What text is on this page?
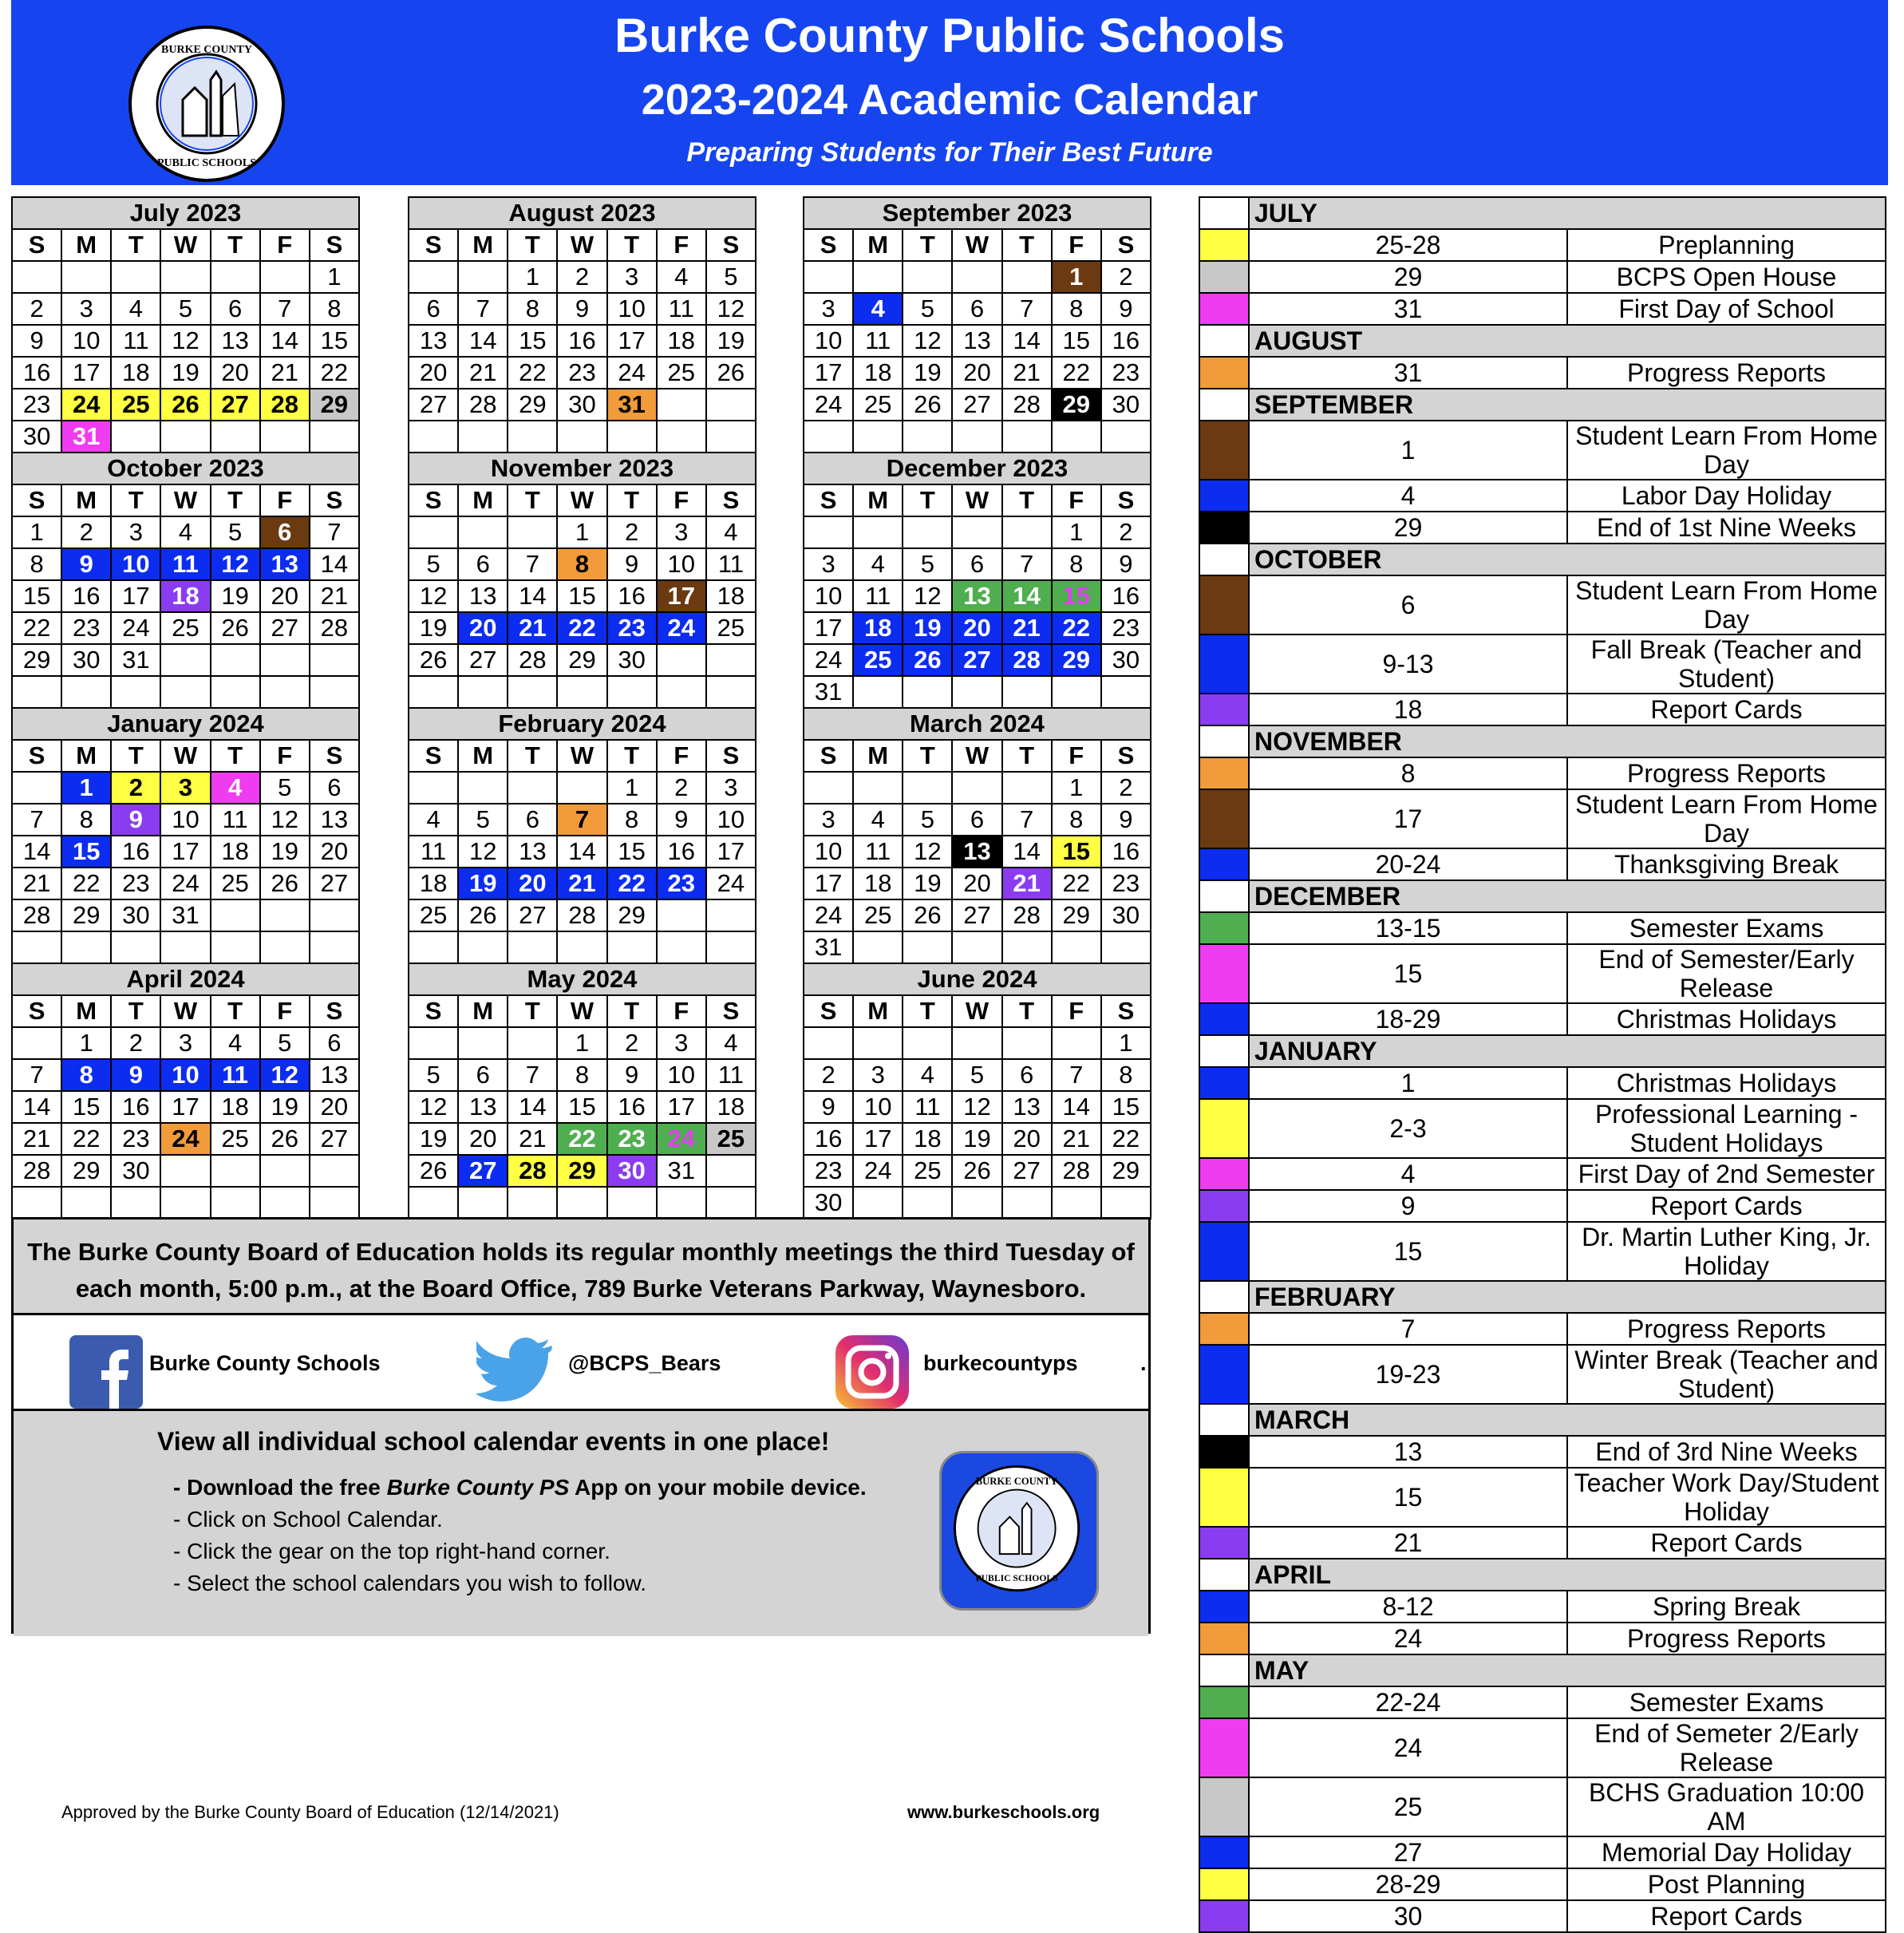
BURKE COUNTY
PUBLIC SCHOOLS
Burke County Public Schools
2023-2024 Academic Calendar
Preparing Students for Their Best Future
July 2023						
S	M	T	W	T	F	S
						1
2	3	4	5	6	7	8
9	10	11	12	13	14	15
16	17	18	19	20	21	22
23	24	25	26	27	28	29
30	31					
August 2023						
S	M	T	W	T	F	S
		1	2	3	4	5
6	7	8	9	10	11	12
13	14	15	16	17	18	19
20	21	22	23	24	25	26
27	28	29	30	31		

September 2023						
S	M	T	W	T	F	S
					1	2
3	4	5	6	7	8	9
10	11	12	13	14	15	16
17	18	19	20	21	22	23
24	25	26	27	28	29	30

October 2023						
S	M	T	W	T	F	S
1	2	3	4	5	6	7
8	9	10	11	12	13	14
15	16	17	18	19	20	21
22	23	24	25	26	27	28
29	30	31				

November 2023						
S	M	T	W	T	F	S
			1	2	3	4
5	6	7	8	9	10	11
12	13	14	15	16	17	18
19	20	21	22	23	24	25
26	27	28	29	30		

December 2023						
S	M	T	W	T	F	S
					1	2
3	4	5	6	7	8	9
10	11	12	13	14	15	16
17	18	19	20	21	22	23
24	25	26	27	28	29	30
31						
January 2024						
S	M	T	W	T	F	S
	1	2	3	4	5	6
7	8	9	10	11	12	13
14	15	16	17	18	19	20
21	22	23	24	25	26	27
28	29	30	31			

February 2024						
S	M	T	W	T	F	S
				1	2	3
4	5	6	7	8	9	10
11	12	13	14	15	16	17
18	19	20	21	22	23	24
25	26	27	28	29		

March 2024						
S	M	T	W	T	F	S
					1	2
3	4	5	6	7	8	9
10	11	12	13	14	15	16
17	18	19	20	21	22	23
24	25	26	27	28	29	30
31						
April 2024						
S	M	T	W	T	F	S
	1	2	3	4	5	6
7	8	9	10	11	12	13
14	15	16	17	18	19	20
21	22	23	24	25	26	27
28	29	30				

May 2024						
S	M	T	W	T	F	S
			1	2	3	4
5	6	7	8	9	10	11
12	13	14	15	16	17	18
19	20	21	22	23	24	25
26	27	28	29	30	31	

June 2024						
S	M	T	W	T	F	S
						1
2	3	4	5	6	7	8
9	10	11	12	13	14	15
16	17	18	19	20	21	22
23	24	25	26	27	28	29
30						
	JULY	
	25-28	Preplanning
	29	BCPS Open House
	31	First Day of School
	AUGUST	
	31	Progress Reports
	SEPTEMBER	
	1	Student Learn From Home Day
	4	Labor Day Holiday
	29	End of 1st Nine Weeks
	OCTOBER	
	6	Student Learn From Home Day
	9-13	Fall Break (Teacher and Student)
	18	Report Cards
	NOVEMBER	
	8	Progress Reports
	17	Student Learn From Home Day
	20-24	Thanksgiving Break
	DECEMBER	
	13-15	Semester Exams
	15	End of Semester/Early Release
	18-29	Christmas Holidays
	JANUARY	
	1	Christmas Holidays
	2-3	Professional Learning - Student Holidays
	4	First Day of 2nd Semester
	9	Report Cards
	15	Dr. Martin Luther King, Jr. Holiday
	FEBRUARY	
	7	Progress Reports
	19-23	Winter Break (Teacher and Student)
	MARCH	
	13	End of 3rd Nine Weeks
	15	Teacher Work Day/Student Holiday
	21	Report Cards
	APRIL	
	8-12	Spring Break
	24	Progress Reports
	MAY	
	22-24	Semester Exams
	24	End of Semeter 2/Early Release
	25	BCHS Graduation 10:00 AM
	27	Memorial Day Holiday
	28-29	Post Planning
	30	Report Cards
The Burke County Board of Education holds its regular monthly meetings the third Tuesday of
each month, 5:00 p.m., at the Board Office, 789 Burke Veterans Parkway, Waynesboro.
Burke County Schools	@BCPS_Bears	burkecountyps	.
View all individual school calendar events in one place!
- Download the free Burke County PS App on your mobile device.
- Click on School Calendar.
- Click the gear on the top right-hand corner.
- Select the school calendars you wish to follow.
BURKE COUNTY
PUBLIC SCHOOLS
Approved by the Burke County Board of Education (12/14/2021)	www.burkeschools.org
